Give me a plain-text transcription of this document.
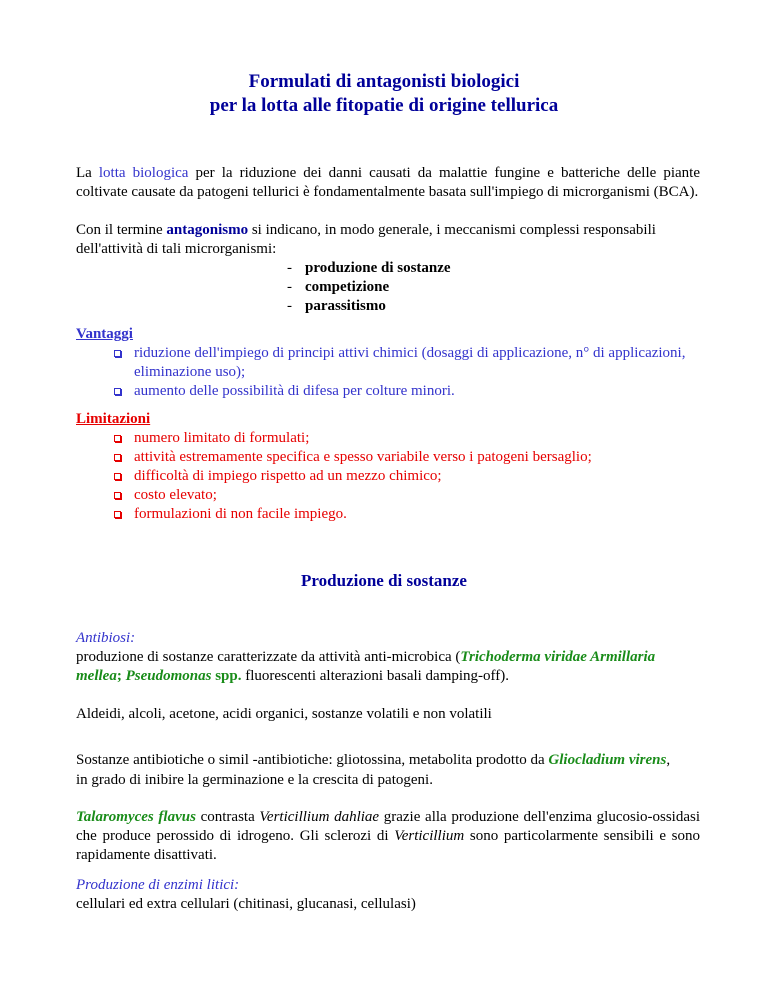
Formulati di antagonisti biologici
per la lotta alle fitopatie di origine tellurica
La lotta biologica per la riduzione dei danni causati da malattie fungine e batteriche delle piante coltivate causate da patogeni tellurici è fondamentalmente basata sull'impiego di microrganismi (BCA).
Con il termine antagonismo si indicano, in modo generale, i meccanismi complessi responsabili
dell'attività di tali microrganismi:
- produzione di sostanze
- competizione
- parassitismo
Vantaggi
riduzione dell'impiego di principi attivi chimici (dosaggi di applicazione, n° di applicazioni, eliminazione uso);
aumento delle possibilità di difesa per colture minori.
Limitazioni
numero limitato di formulati;
attività estremamente specifica e spesso variabile verso i patogeni bersaglio;
difficoltà di impiego rispetto ad un mezzo chimico;
costo elevato;
formulazioni di non facile impiego.
Produzione di sostanze
Antibiosi:
produzione di sostanze caratterizzate da attività anti-microbica (Trichoderma viridae Armillaria
mellea; Pseudomonas spp. fluorescenti alterazioni basali damping-off).
Aldeidi, alcoli, acetone, acidi organici, sostanze volatili e non volatili
Sostanze antibiotiche o simil -antibiotiche: gliotossina, metabolita prodotto da Gliocladium virens,
in grado di inibire la germinazione e la crescita di patogeni.
Talaromyces flavus contrasta Verticillium dahliae grazie alla produzione dell'enzima glucosio-ossidasi che produce perossido di idrogeno. Gli sclerozi di Verticillium sono particolarmente sensibili e sono rapidamente disattivati.
Produzione di enzimi litici:
cellulari ed extra cellulari (chitinasi, glucanasi, cellulasi)
